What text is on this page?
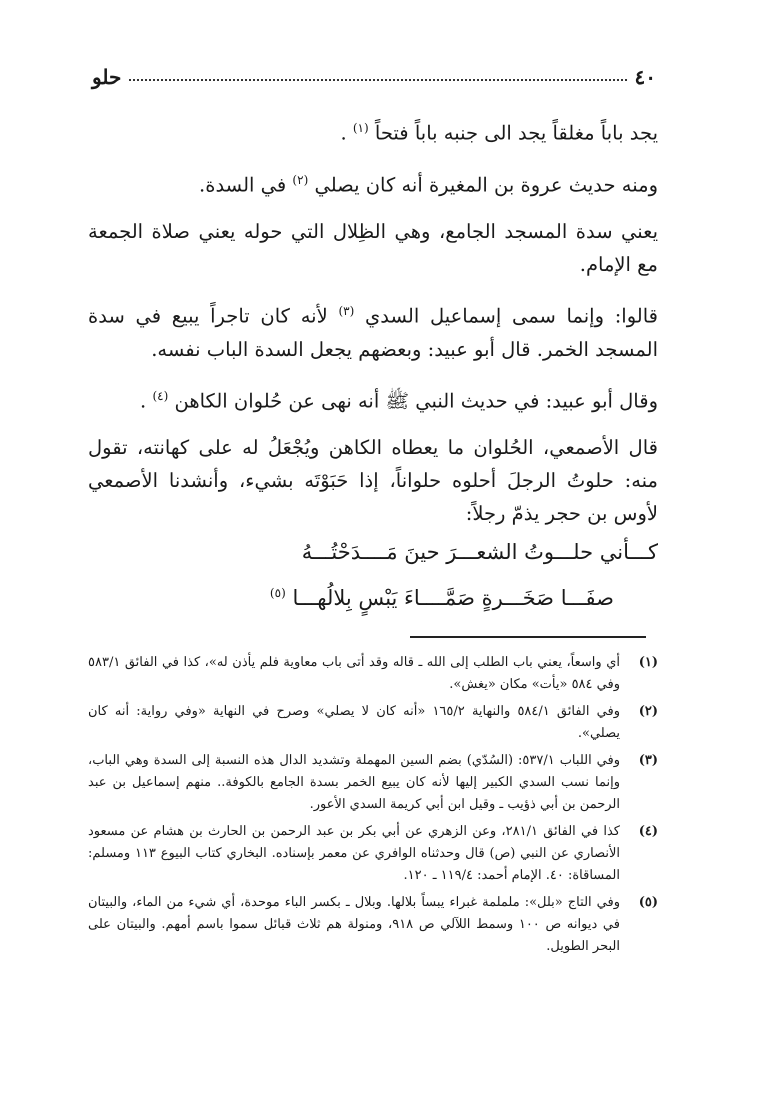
٤٠
حلو

يجد باباً مغلقاً يجد الى جنبه باباً فتحاً $^{(١)}$ .

ومنه حديث عروة بن المغيرة أنه كان يصلي $^{(٢)}$ في السدة.

يعني سدة المسجد الجامع، وهي الظِلال التي حوله يعني صلاة الجمعة مع الإمام.

قالوا: وإنما سمى إسماعيل السدي $^{(٣)}$ لأنه كان تاجراً يبيع في سدة المسجد الخمر. قال أبو عبيد: وبعضهم يجعل السدة الباب نفسه.

وقال أبو عبيد: في حديث النبي ﷺ أنه نهى عن حُلوان الكاهن $^{(٤)}$ .

قال الأصمعي، الحُلوان ما يعطاه الكاهن ويُجْعَلُ له على كهانته، تقول منه: حلوتُ الرجلَ أحلوه حلواناً، إذا حَبَوْتَه بشيء، وأنشدنا الأصمعي لأوس بن حجر يذمّ رجلاً:

كـــأني حلـــوتُ الشعـــرَ حينَ مَــــدَحْتُـــهُ
صفَـــا صَخَـــرةٍ صَمَّــــاءَ يَبْسٍ بِلالُهـــا $^{(٥)}$
(١)
أي واسعاً، يعني باب الطلب إلى الله ـ قاله وقد أتى باب معاوية فلم يأذن له»، كذا في الفائق ٥٨٣/١ وفي ٥٨٤ «يأت» مكان «يغش».
(٢)
وفي الفائق ٥٨٤/١ والنهاية ١٦٥/٢ «أنه كان لا يصلي» وصرح في النهاية «وفي رواية: أنه كان يصلي».
(٣)
وفي اللباب ٥٣٧/١: (السُدّي) بضم السين المهملة وتشديد الدال هذه النسبة إلى السدة وهي الباب، وإنما نسب السدي الكبير إليها لأنه كان يبيع الخمر بسدة الجامع بالكوفة.. منهم إسماعيل بن عبد الرحمن بن أبي ذؤيب ـ وقيل ابن أبي كريمة السدي الأعور.
(٤)
كذا في الفائق ٢٨١/١، وعن الزهري عن أبي بكر بن عبد الرحمن بن الحارث بن هشام عن مسعود الأنصاري عن النبي (ص) قال وحدثناه الوافري عن معمر بإسناده. البخاري كتاب البيوع ١١٣ ومسلم: المساقاة: ٤٠. الإمام أحمد: ١١٩/٤ ـ ١٢٠.
(٥)
وفي التاج «بلل»: ململمة غبراء يبساً بلالها. وبلال ـ بكسر الباء موحدة، أي شيء من الماء، والبيتان في ديوانه ص ١٠٠ وسمط اللآلي ص ٩١٨، ومنولة هم ثلاث قبائل سموا باسم أمهم. والبيتان على البحر الطويل.
